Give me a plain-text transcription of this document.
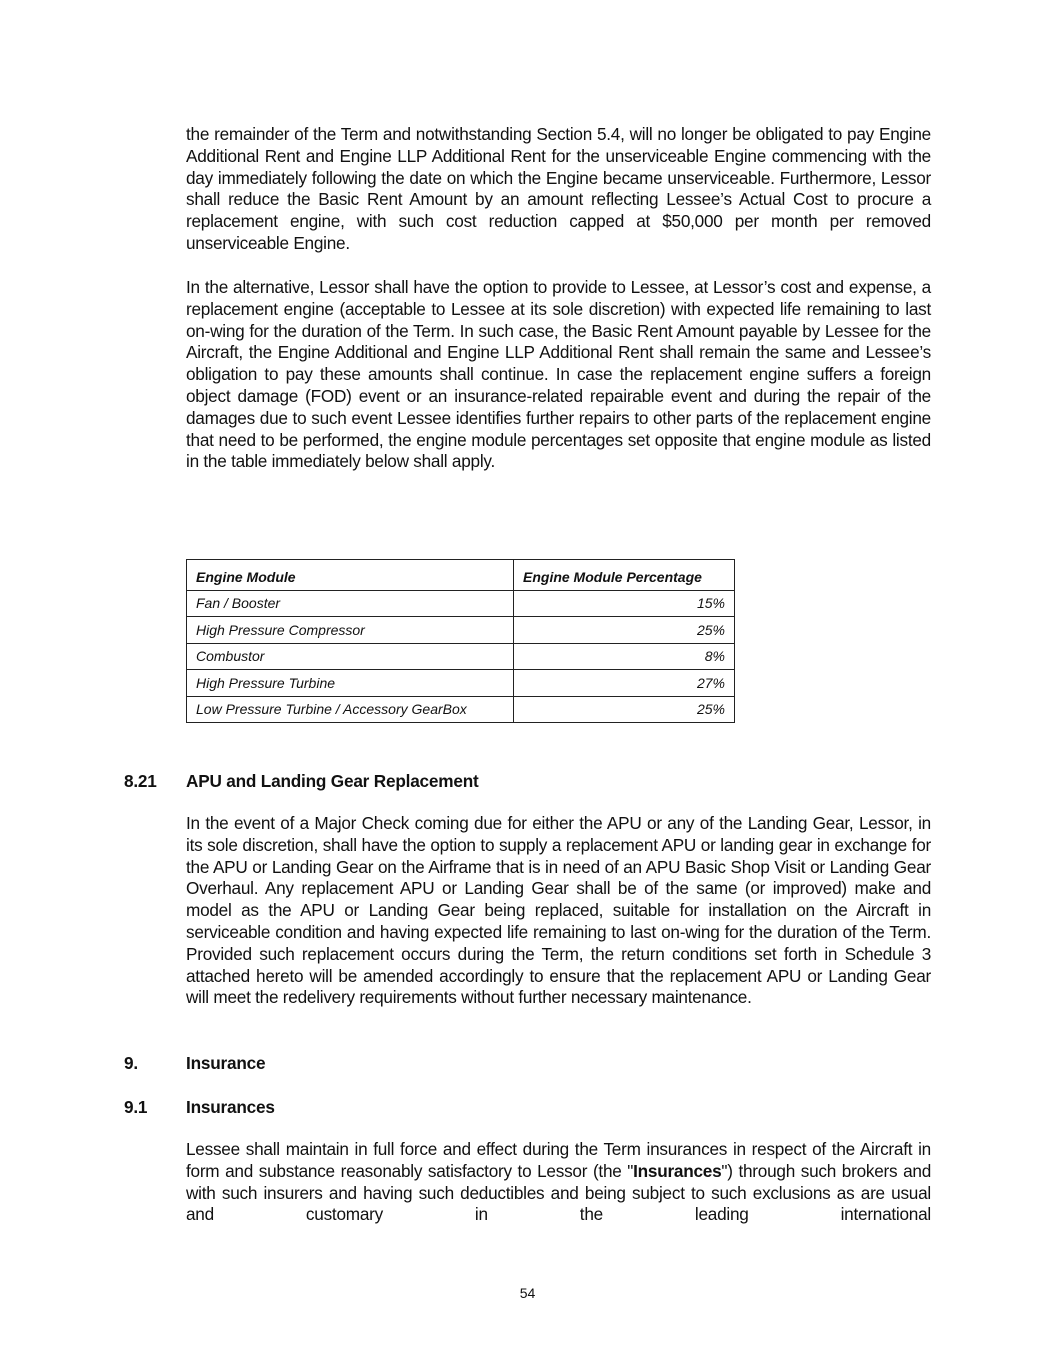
the remainder of the Term and notwithstanding Section 5.4, will no longer be obligated to pay Engine Additional Rent and Engine LLP Additional Rent for the unserviceable Engine commencing with the day immediately following the date on which the Engine became unserviceable. Furthermore, Lessor shall reduce the Basic Rent Amount by an amount reflecting Lessee’s Actual Cost to procure a replacement engine, with such cost reduction capped at $50,000 per month per removed unserviceable Engine.

In the alternative, Lessor shall have the option to provide to Lessee, at Lessor’s cost and expense, a replacement engine (acceptable to Lessee at its sole discretion) with expected life remaining to last on-wing for the duration of the Term. In such case, the Basic Rent Amount payable by Lessee for the Aircraft, the Engine Additional and Engine LLP Additional Rent shall remain the same and Lessee’s obligation to pay these amounts shall continue. In case the replacement engine suffers a foreign object damage (FOD) event or an insurance-related repairable event and during the repair of the damages due to such event Lessee identifies further repairs to other parts of the replacement engine that need to be performed, the engine module percentages set opposite that engine module as listed in the table immediately below shall apply.

Engine Module	Engine Module Percentage
Fan / Booster	15%
High Pressure Compressor	25%
Combustor	8%
High Pressure Turbine	27%
Low Pressure Turbine / Accessory GearBox	25%
8.21 APU and Landing Gear Replacement

In the event of a Major Check coming due for either the APU or any of the Landing Gear, Lessor, in its sole discretion, shall have the option to supply a replacement APU or landing gear in exchange for the APU or Landing Gear on the Airframe that is in need of an APU Basic Shop Visit or Landing Gear Overhaul. Any replacement APU or Landing Gear shall be of the same (or improved) make and model as the APU or Landing Gear being replaced, suitable for installation on the Aircraft in serviceable condition and having expected life remaining to last on-wing for the duration of the Term. Provided such replacement occurs during the Term, the return conditions set forth in Schedule 3 attached hereto will be amended accordingly to ensure that the replacement APU or Landing Gear will meet the redelivery requirements without further necessary maintenance.

9.	Insurance
9.1 Insurances

Lessee shall maintain in full force and effect during the Term insurances in respect of the Aircraft in form and substance reasonably satisfactory to Lessor (the "Insurances") through such brokers and with such insurers and having such deductibles and being subject to such exclusions as are usual and customary in the leading international

54
